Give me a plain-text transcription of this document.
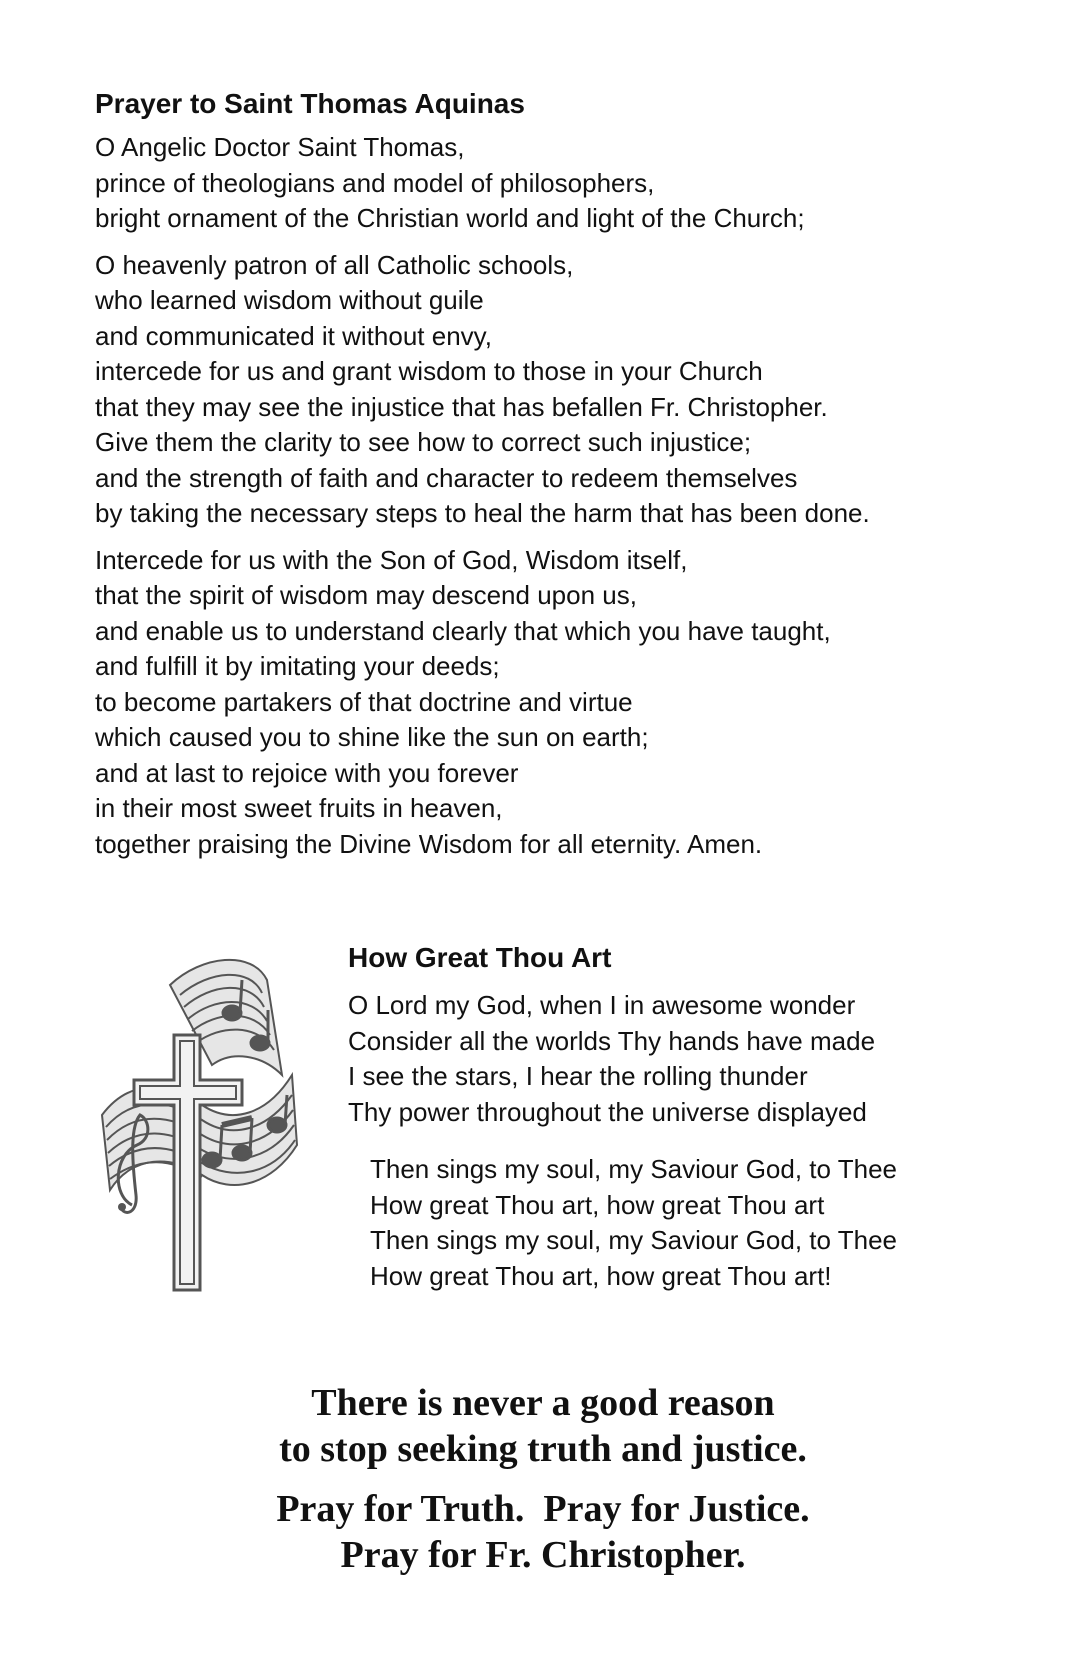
Prayer to Saint Thomas Aquinas
O Angelic Doctor Saint Thomas,
prince of theologians and model of philosophers,
bright ornament of the Christian world and light of the Church;
O heavenly patron of all Catholic schools,
who learned wisdom without guile
and communicated it without envy,
intercede for us and grant wisdom to those in your Church
that they may see the injustice that has befallen Fr. Christopher.
Give them the clarity to see how to correct such injustice;
and the strength of faith and character to redeem themselves
by taking the necessary steps to heal the harm that has been done.
Intercede for us with the Son of God, Wisdom itself,
that the spirit of wisdom may descend upon us,
and enable us to understand clearly that which you have taught,
and fulfill it by imitating your deeds;
to become partakers of that doctrine and virtue
which caused you to shine like the sun on earth;
and at last to rejoice with you forever
in their most sweet fruits in heaven,
together praising the Divine Wisdom for all eternity. Amen.
How Great Thou Art
O Lord my God, when I in awesome wonder
Consider all the worlds Thy hands have made
I see the stars, I hear the rolling thunder
Thy power throughout the universe displayed
Then sings my soul, my Saviour God, to Thee
How great Thou art, how great Thou art
Then sings my soul, my Saviour God, to Thee
How great Thou art, how great Thou art!
There is never a good reason
to stop seeking truth and justice.
Pray for Truth.  Pray for Justice.
Pray for Fr. Christopher.
